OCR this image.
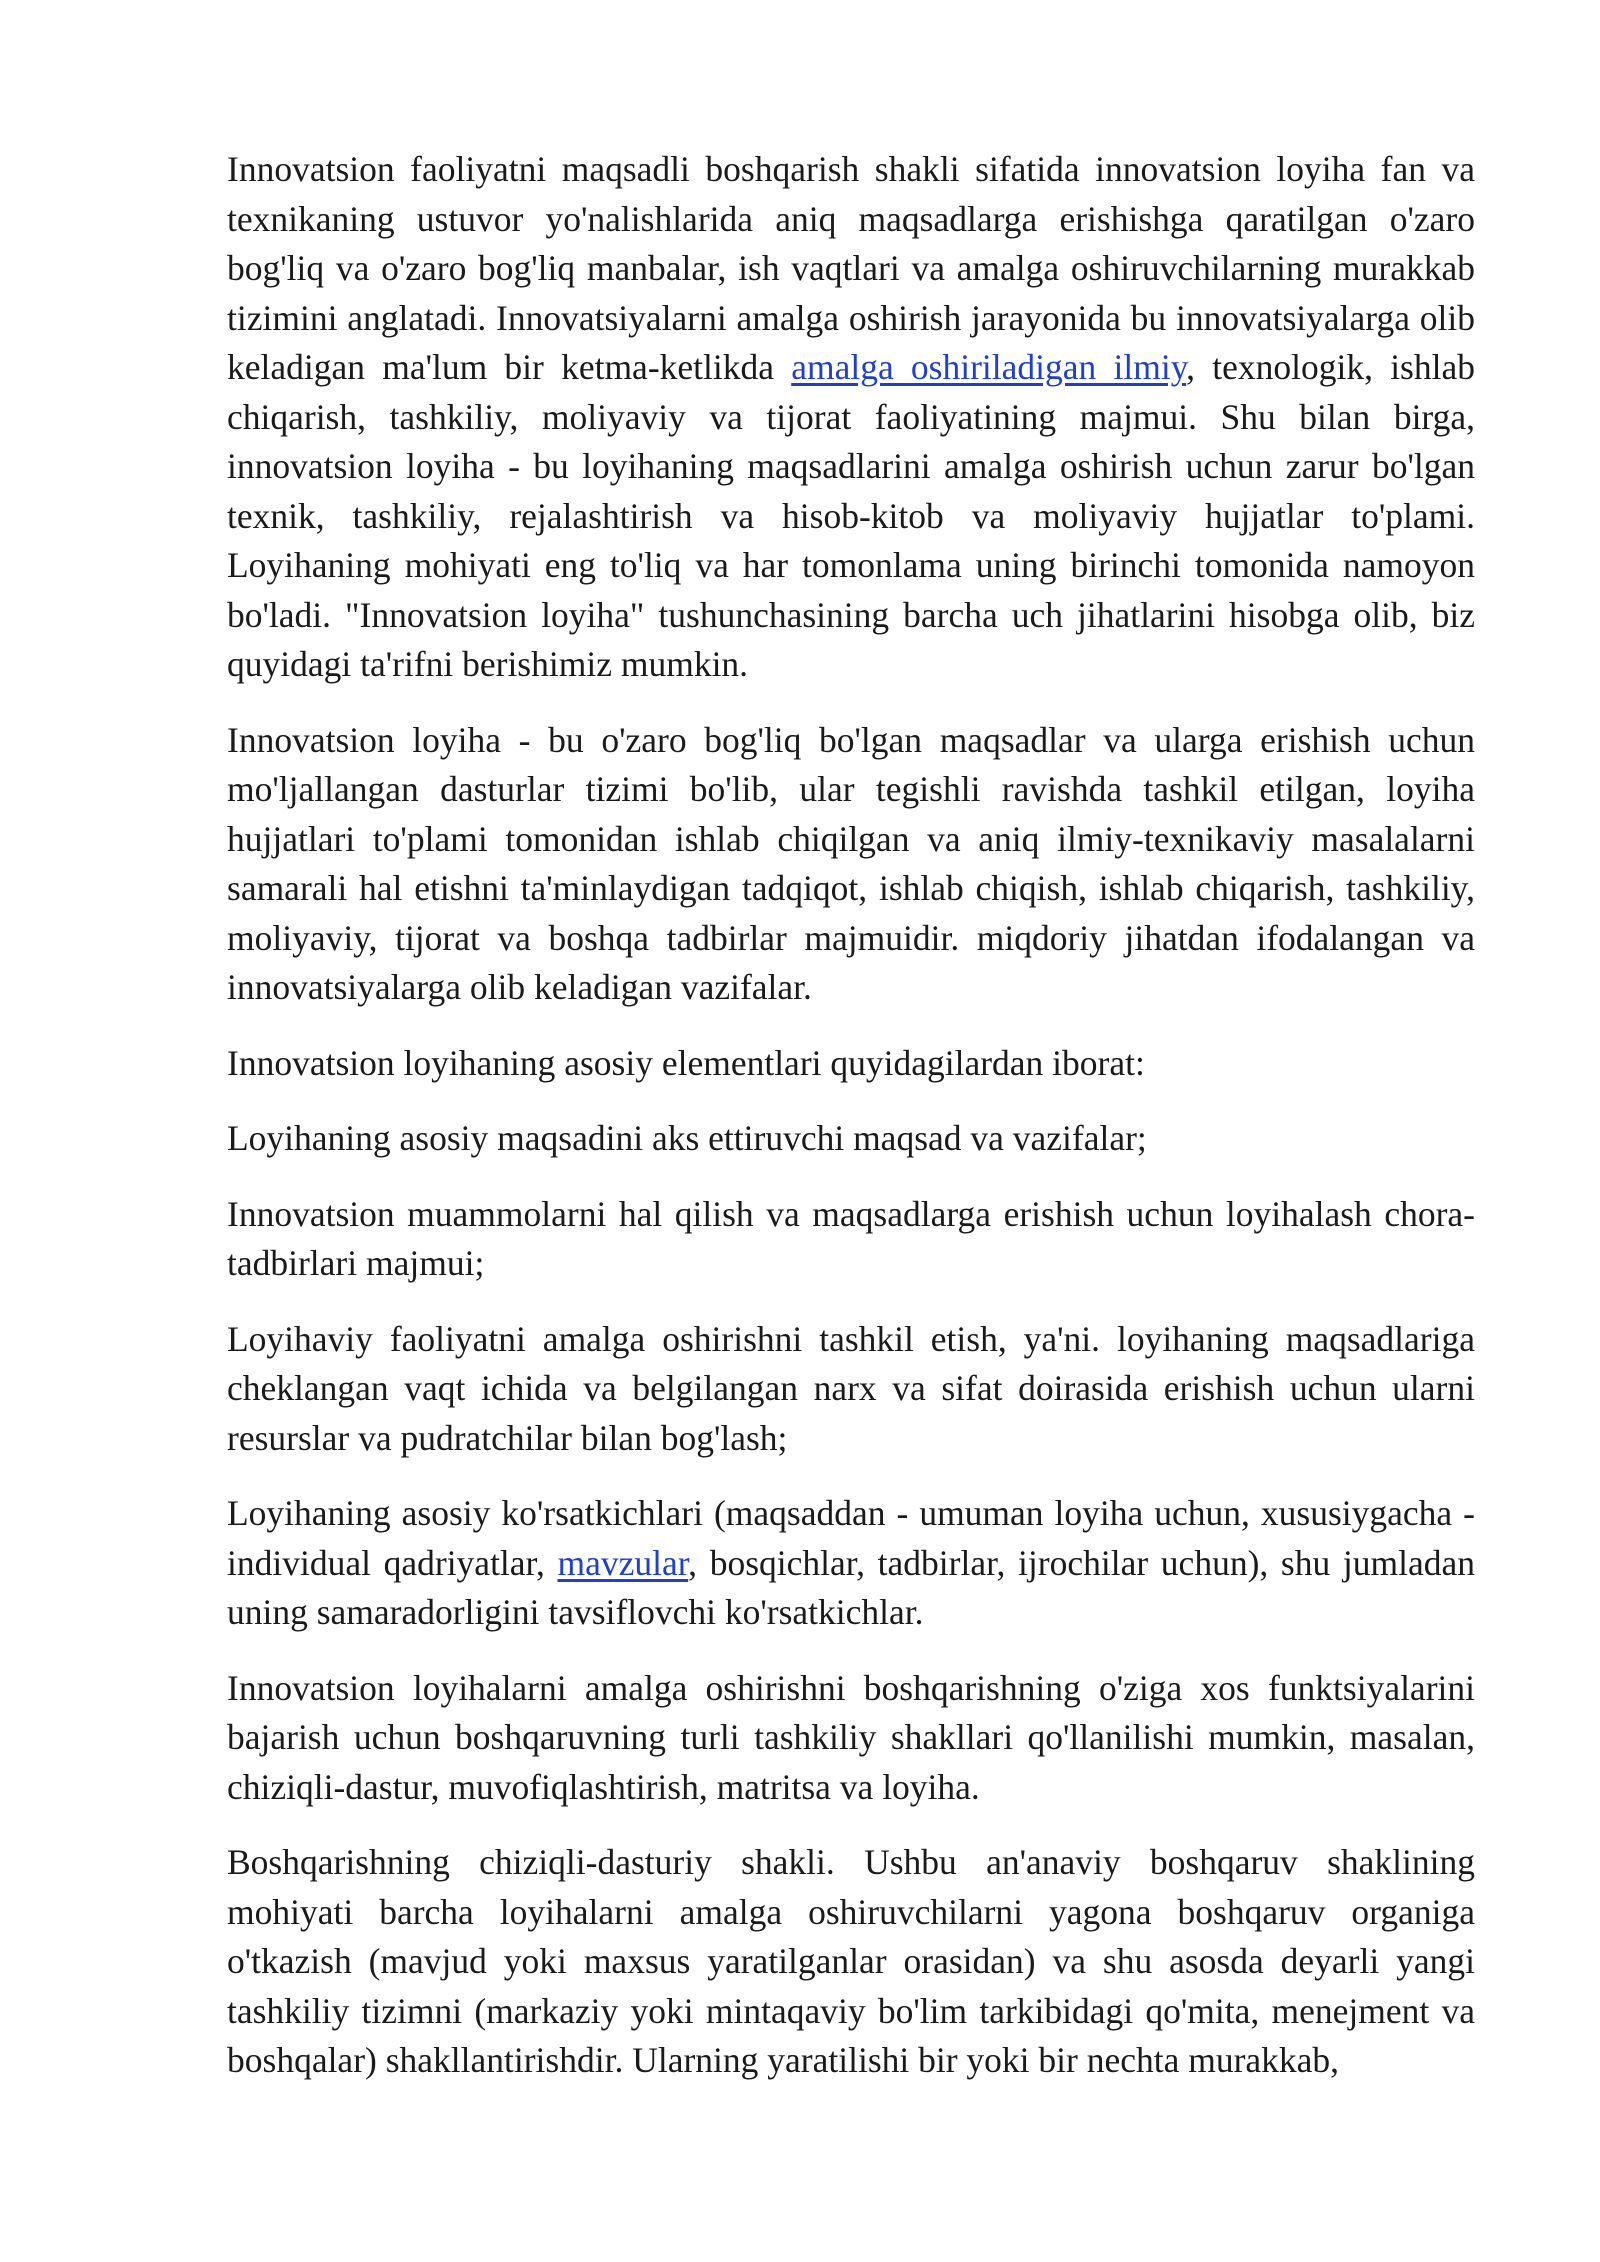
Innovatsion faoliyatni maqsadli boshqarish shakli sifatida innovatsion loyiha fan va texnikaning ustuvor yo'nalishlarida aniq maqsadlarga erishishga qaratilgan o'zaro bog'liq va o'zaro bog'liq manbalar, ish vaqtlari va amalga oshiruvchilarning murakkab tizimini anglatadi. Innovatsiyalarni amalga oshirish jarayonida bu innovatsiyalarga olib keladigan ma'lum bir ketma-ketlikda amalga oshiriladigan ilmiy, texnologik, ishlab chiqarish, tashkiliy, moliyaviy va tijorat faoliyatining majmui. Shu bilan birga, innovatsion loyiha - bu loyihaning maqsadlarini amalga oshirish uchun zarur bo'lgan texnik, tashkiliy, rejalashtirish va hisob-kitob va moliyaviy hujjatlar to'plami. Loyihaning mohiyati eng to'liq va har tomonlama uning birinchi tomonida namoyon bo'ladi. "Innovatsion loyiha" tushunchasining barcha uch jihatlarini hisobga olib, biz quyidagi ta'rifni berishimiz mumkin.

Innovatsion loyiha - bu o'zaro bog'liq bo'lgan maqsadlar va ularga erishish uchun mo'ljallangan dasturlar tizimi bo'lib, ular tegishli ravishda tashkil etilgan, loyiha hujjatlari to'plami tomonidan ishlab chiqilgan va aniq ilmiy-texnikaviy masalalarni samarali hal etishni ta'minlaydigan tadqiqot, ishlab chiqish, ishlab chiqarish, tashkiliy, moliyaviy, tijorat va boshqa tadbirlar majmuidir. miqdoriy jihatdan ifodalangan va innovatsiyalarga olib keladigan vazifalar.

Innovatsion loyihaning asosiy elementlari quyidagilardan iborat:

Loyihaning asosiy maqsadini aks ettiruvchi maqsad va vazifalar;

Innovatsion muammolarni hal qilish va maqsadlarga erishish uchun loyihalash chora-tadbirlari majmui;

Loyihaviy faoliyatni amalga oshirishni tashkil etish, ya'ni. loyihaning maqsadlariga cheklangan vaqt ichida va belgilangan narx va sifat doirasida erishish uchun ularni resurslar va pudratchilar bilan bog'lash;

Loyihaning asosiy ko'rsatkichlari (maqsaddan - umuman loyiha uchun, xususiygacha - individual qadriyatlar, mavzular, bosqichlar, tadbirlar, ijrochilar uchun), shu jumladan uning samaradorligini tavsiflovchi ko'rsatkichlar.

Innovatsion loyihalarni amalga oshirishni boshqarishning o'ziga xos funktsiyalarini bajarish uchun boshqaruvning turli tashkiliy shakllari qo'llanilishi mumkin, masalan, chiziqli-dastur, muvofiqlashtirish, matritsa va loyiha.

Boshqarishning chiziqli-dasturiy shakli. Ushbu an'anaviy boshqaruv shaklining mohiyati barcha loyihalarni amalga oshiruvchilarni yagona boshqaruv organiga o'tkazish (mavjud yoki maxsus yaratilganlar orasidan) va shu asosda deyarli yangi tashkiliy tizimni (markaziy yoki mintaqaviy bo'lim tarkibidagi qo'mita, menejment va boshqalar) shakllantirishdir. Ularning yaratilishi bir yoki bir nechta murakkab,
